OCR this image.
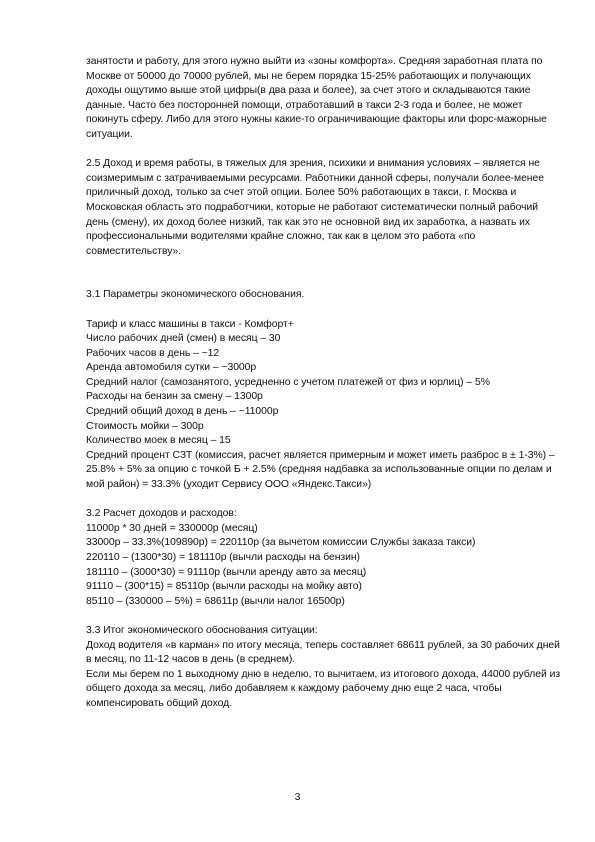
занятости и работу, для этого нужно выйти из «зоны комфорта». Средняя заработная плата по Москве от 50000 до 70000 рублей, мы не берем порядка 15-25% работающих и получающих доходы ощутимо выше этой цифры(в два раза и более), за счет этого и складываются такие данные. Часто без посторонней помощи, отработавший в такси 2-3 года и более, не может покинуть сферу. Либо для этого нужны какие-то ограничивающие факторы или форс-мажорные ситуации.

2.5 Доход и время работы, в тяжелых для зрения, психики и внимания условиях – является не соизмеримым с затрачиваемыми ресурсами. Работники данной сферы, получали более-менее приличный доход, только за счет этой опции. Более 50% работающих в такси, г. Москва и Московская область это подработчики, которые не работают систематически полный рабочий день (смену), их доход более низкий, так как это не основной вид их заработка, а назвать их профессиональными водителями крайне сложно, так как в целом это работа «по совместительству».

3.1 Параметры экономического обоснования.

Тариф и класс машины в такси - Комфорт+

Число рабочих дней (смен) в месяц – 30

Рабочих часов в день – ~12

Аренда автомобиля сутки – ~3000р

Средний налог (самозанятого, усредненно с учетом платежей от физ и юрлиц) – 5%

Расходы на бензин за смену – 1300р

Средний общий доход в день – ~11000р

Стоимость мойки – 300р

Количество моек в месяц – 15

Средний процент СЗТ (комиссия, расчет является примерным и может иметь разброс в ± 1-3%) – 25.8% + 5% за опцию с точкой Б + 2.5% (средняя надбавка за использованные опции по делам и мой район) = 33.3% (уходит Сервису ООО «Яндекс.Такси»)

3.2 Расчет доходов и расходов:

11000р * 30 дней = 330000р (месяц)

33000р – 33.3%(109890р) = 220110р (за вычетом комиссии Службы заказа такси)

220110 – (1300*30) = 181110р (вычли расходы на бензин)

181110 – (3000*30) = 91110р (вычли аренду авто за месяц)

91110 – (300*15) = 85110р (вычли расходы на мойку авто)

85110 – (330000 – 5%) = 68611р (вычли налог 16500р)

3.3 Итог экономического обоснования ситуации:

Доход водителя «в карман» по итогу месяца, теперь составляет 68611 рублей, за 30 рабочих дней в месяц, по 11-12 часов в день (в среднем).

Если мы берем по 1 выходному дню в неделю, то вычитаем, из итогового дохода, 44000 рублей из общего дохода за месяц, либо добавляем к каждому рабочему дню еще 2 часа, чтобы компенсировать общий доход.

3
